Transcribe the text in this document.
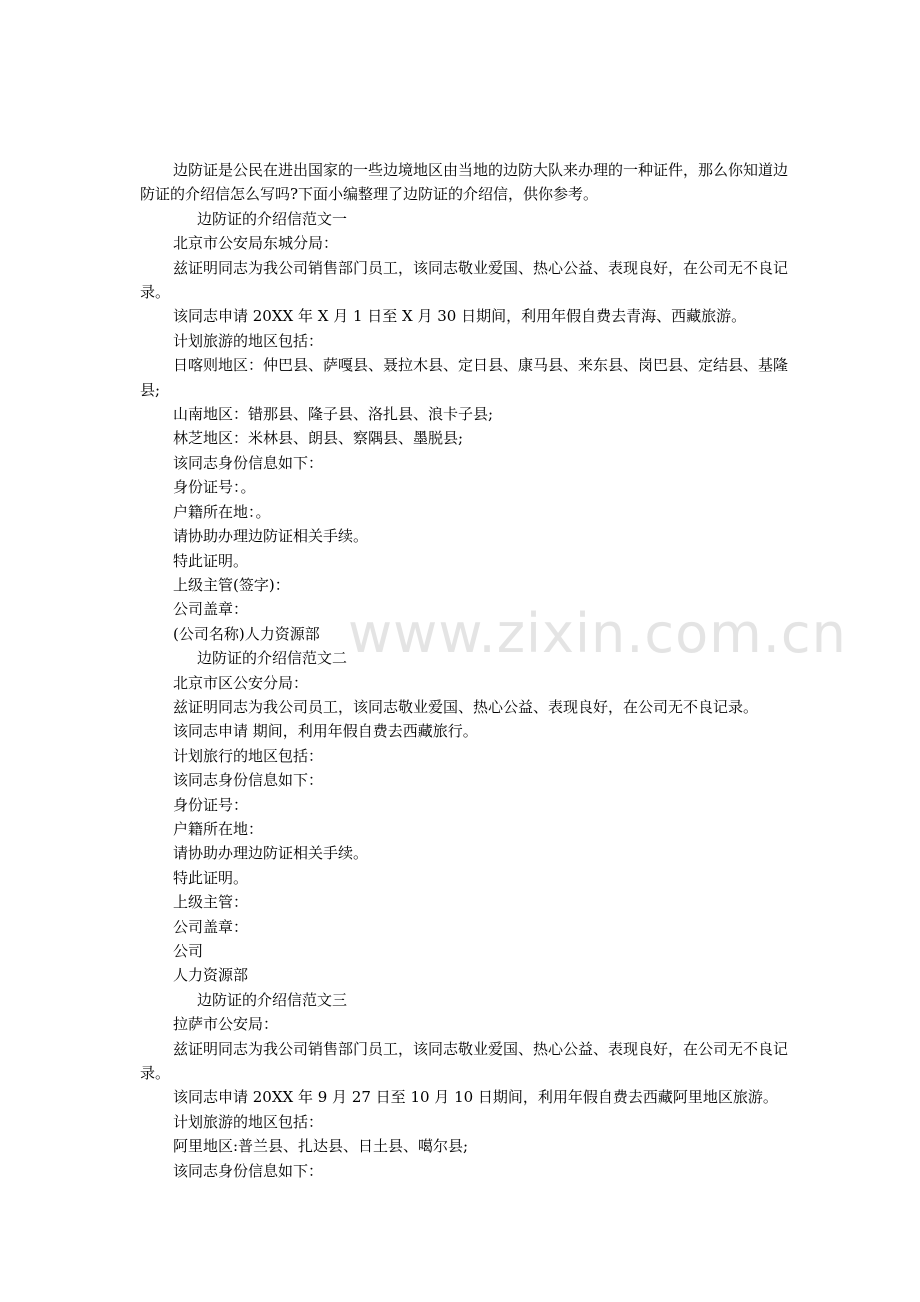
边防证是公民在进出国家的一些边境地区由当地的边防大队来办理的一种证件，那么你知道边防证的介绍信怎么写吗?下面小编整理了边防证的介绍信，供你参考。

边防证的介绍信范文一

北京市公安局东城分局：

兹证明同志为我公司销售部门员工，该同志敬业爱国、热心公益、表现良好，在公司无不良记录。

该同志申请 20XX 年 X 月 1 日至 X 月 30 日期间，利用年假自费去青海、西藏旅游。

计划旅游的地区包括：

日喀则地区：仲巴县、萨嘎县、聂拉木县、定日县、康马县、来东县、岗巴县、定结县、基隆县;

山南地区：错那县、隆子县、洛扎县、浪卡子县;

林芝地区：米林县、朗县、察隅县、墨脱县;

该同志身份信息如下：

身份证号：。

户籍所在地：。

请协助办理边防证相关手续。

特此证明。

上级主管(签字)：

公司盖章：

(公司名称)人力资源部

边防证的介绍信范文二

北京市区公安分局：

兹证明同志为我公司员工，该同志敬业爱国、热心公益、表现良好，在公司无不良记录。

该同志申请 期间，利用年假自费去西藏旅行。

计划旅行的地区包括：

该同志身份信息如下：

身份证号：

户籍所在地：

请协助办理边防证相关手续。

特此证明。

上级主管：

公司盖章：

公司

人力资源部

边防证的介绍信范文三

拉萨市公安局：

兹证明同志为我公司销售部门员工，该同志敬业爱国、热心公益、表现良好，在公司无不良记录。

该同志申请 20XX 年 9 月 27 日至 10 月 10 日期间，利用年假自费去西藏阿里地区旅游。

计划旅游的地区包括：

阿里地区:普兰县、扎达县、日土县、噶尔县;

该同志身份信息如下：

www.zixin.com.cn
